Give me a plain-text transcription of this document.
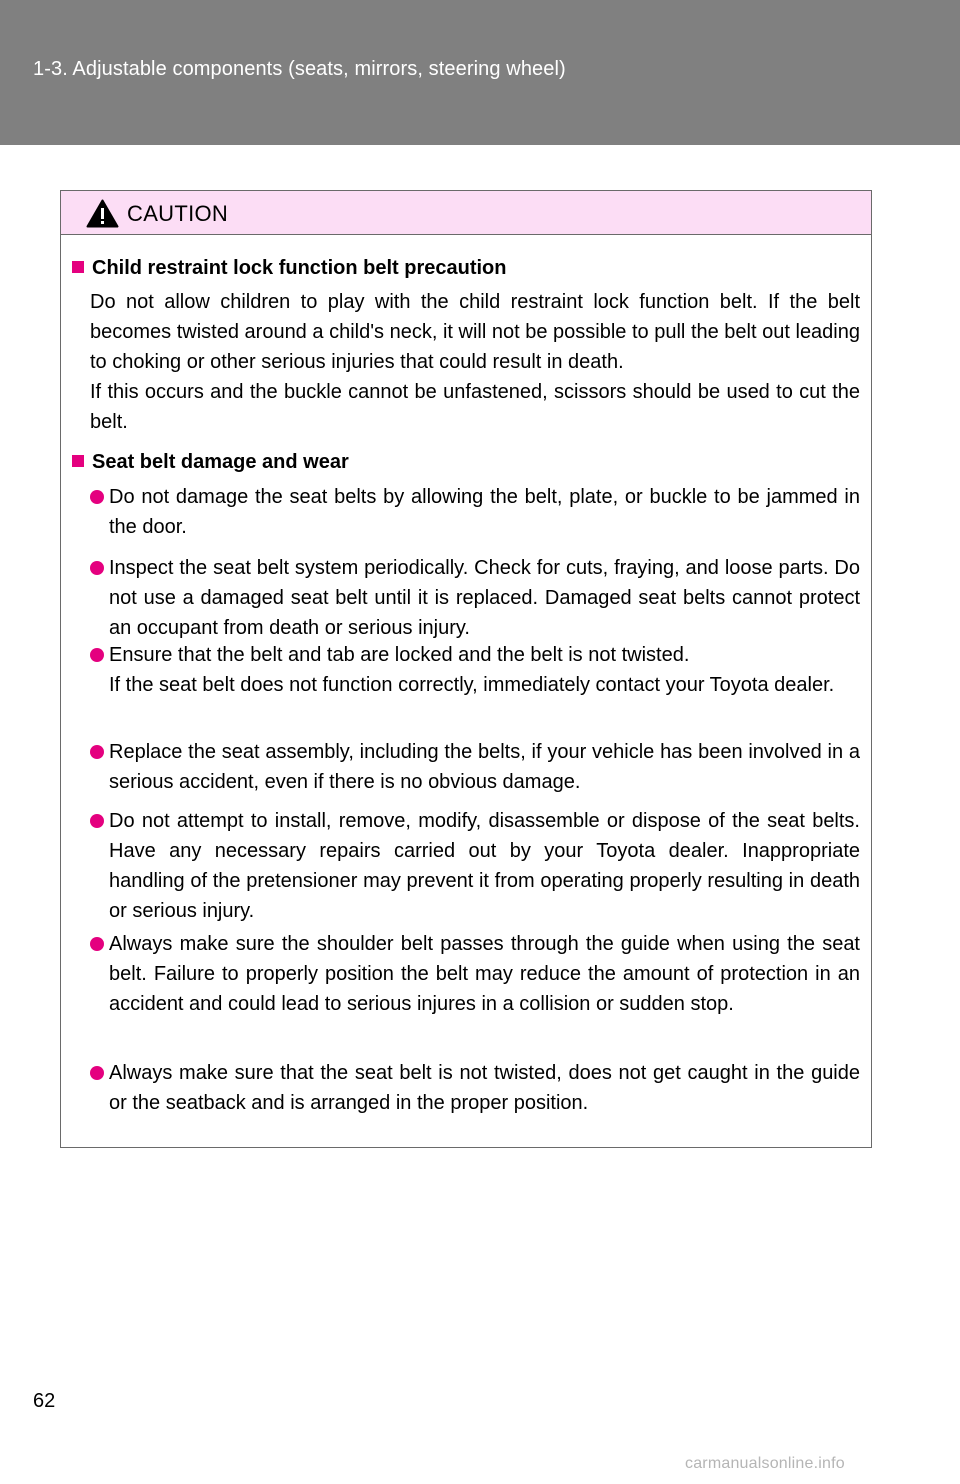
1-3. Adjustable components (seats, mirrors, steering wheel)
CAUTION
Child restraint lock function belt precaution

Do not allow children to play with the child restraint lock function belt. If the belt becomes twisted around a child's neck, it will not be possible to pull the belt out leading to choking or other serious injuries that could result in death.

If this occurs and the buckle cannot be unfastened, scissors should be used to cut the belt.

Seat belt damage and wear

Do not damage the seat belts by allowing the belt, plate, or buckle to be jammed in the door.

Inspect the seat belt system periodically. Check for cuts, fraying, and loose parts. Do not use a damaged seat belt until it is replaced. Damaged seat belts cannot protect an occupant from death or serious injury.

Ensure that the belt and tab are locked and the belt is not twisted.

If the seat belt does not function correctly, immediately contact your Toyota dealer.

Replace the seat assembly, including the belts, if your vehicle has been involved in a serious accident, even if there is no obvious damage.

Do not attempt to install, remove, modify, disassemble or dispose of the seat belts. Have any necessary repairs carried out by your Toyota dealer. Inappropriate handling of the pretensioner may prevent it from operating properly resulting in death or serious injury.

Always make sure the shoulder belt passes through the guide when using the seat belt. Failure to properly position the belt may reduce the amount of protection in an accident and could lead to serious injures in a collision or sudden stop.

Always make sure that the seat belt is not twisted, does not get caught in the guide or the seatback and is arranged in the proper position.

62
carmanualsonline.info
